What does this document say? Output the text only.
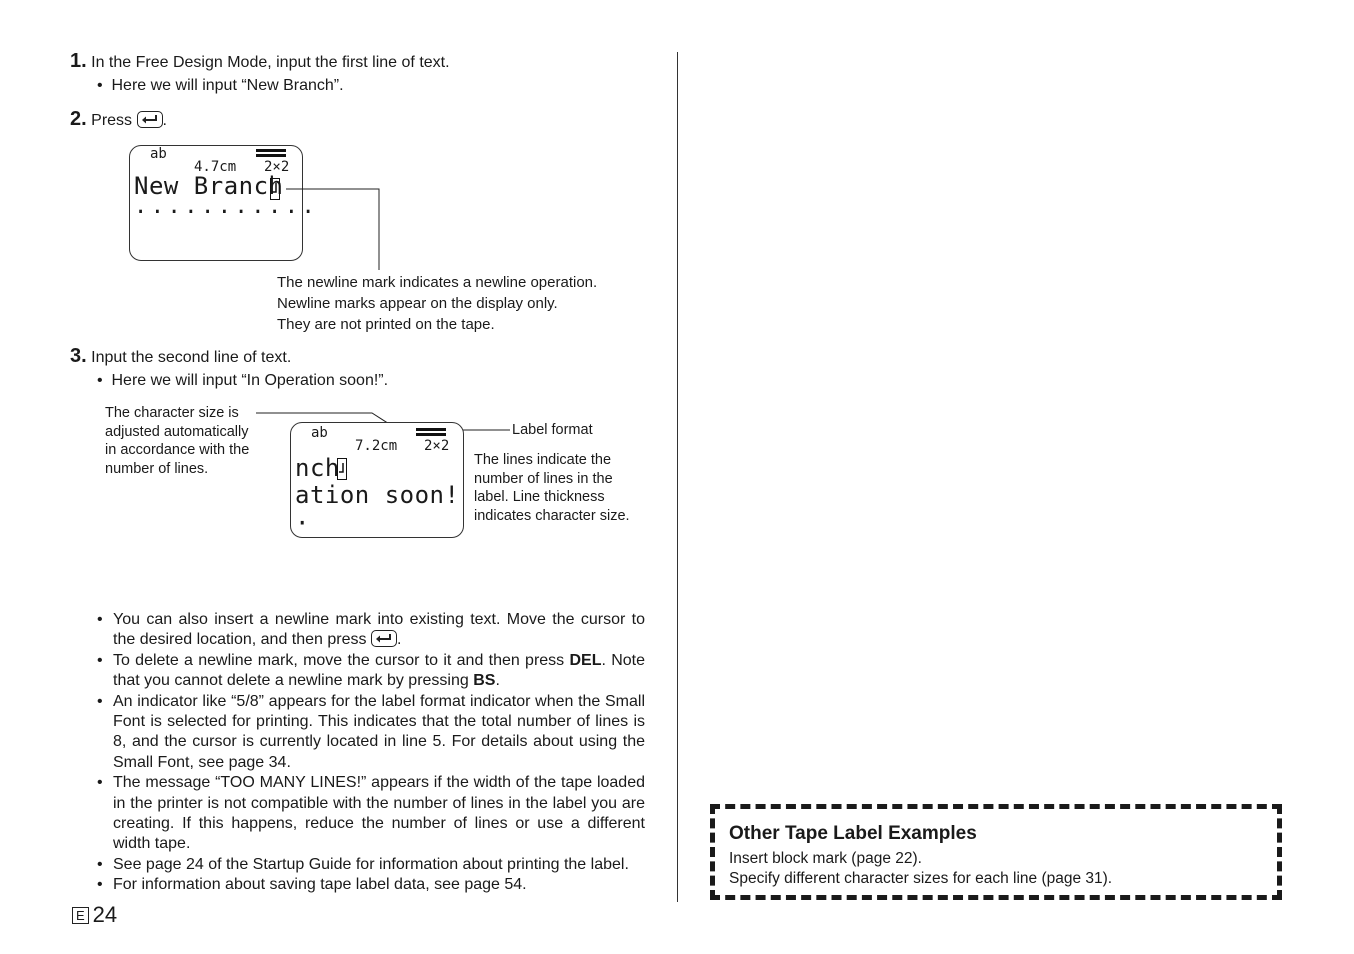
1. In the Free Design Mode, input the first line of text.
•  Here we will input “New Branch”.
2. Press .
ab
4.7cm 2×2
New Branch
...........
The newline mark indicates a newline operation.
Newline marks appear on the display only.
They are not printed on the tape.
3. Input the second line of text.
•  Here we will input “In Operation soon!”.
The character size is
adjusted automatically
in accordance with the
number of lines.
ab
7.2cm 2×2
nch
ation soon!·
Label format
The lines indicate the
number of lines in the
label. Line thickness
indicates character size.
• You can also insert a newline mark into existing text. Move the cursor to the desired location, and then press .
• To delete a newline mark, move the cursor to it and then press DEL. Note that you cannot delete a newline mark by pressing BS.
• An indicator like “5/8” appears for the label format indicator when the Small Font is selected for printing. This indicates that the total number of lines is 8, and the cursor is currently located in line 5. For details about using the Small Font, see page 34.
• The message “TOO MANY LINES!” appears if the width of the tape loaded in the printer is not compatible with the number of lines in the label you are creating. If this happens, reduce the number of lines or use a different width tape.
• See page 24 of the Startup Guide for information about printing the label.
• For information about saving tape label data, see page 54.
E 24
Other Tape Label Examples
Insert block mark (page 22).
Specify different character sizes for each line (page 31).
